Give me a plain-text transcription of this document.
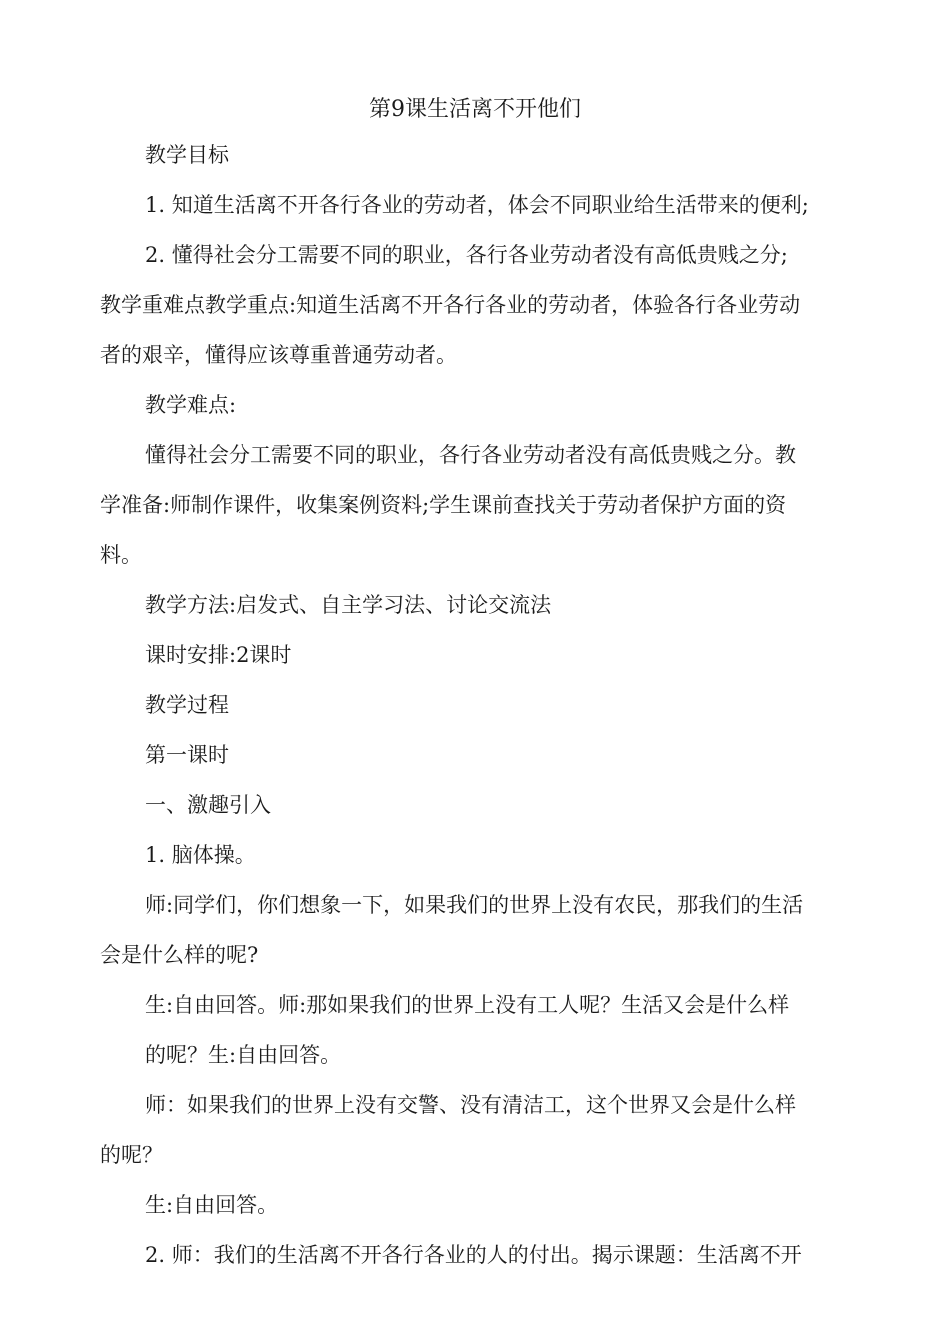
第9课生活离不开他们

教学目标

1. 知道生活离不开各行各业的劳动者，体会不同职业给生活带来的便利;

2. 懂得社会分工需要不同的职业，各行各业劳动者没有高低贵贱之分;

教学重难点教学重点:知道生活离不开各行各业的劳动者，体验各行各业劳动

者的艰辛，懂得应该尊重普通劳动者。

教学难点:

懂得社会分工需要不同的职业，各行各业劳动者没有高低贵贱之分。教

学准备:师制作课件，收集案例资料;学生课前查找关于劳动者保护方面的资

料。

教学方法:启发式、自主学习法、讨论交流法

课时安排:2课时

教学过程

第一课时

一、激趣引入

1. 脑体操。

师:同学们，你们想象一下，如果我们的世界上没有农民，那我们的生活

会是什么样的呢?

生:自由回答。师:那如果我们的世界上没有工人呢？生活又会是什么样

的呢？生:自由回答。

师：如果我们的世界上没有交警、没有清洁工，这个世界又会是什么样

的呢？

生:自由回答。

2. 师：我们的生活离不开各行各业的人的付出。揭示课题：生活离不开
